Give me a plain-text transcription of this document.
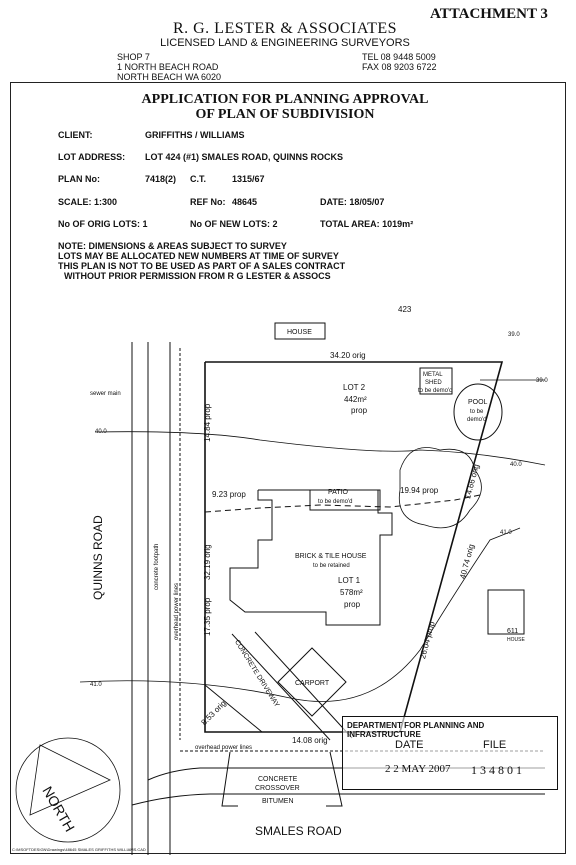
ATTACHMENT 3
R. G. LESTER & ASSOCIATES
LICENSED LAND & ENGINEERING SURVEYORS
SHOP 7
1 NORTH BEACH ROAD
NORTH BEACH WA 6020
TEL 08 9448 5009
FAX 08 9203 6722
APPLICATION FOR PLANNING APPROVAL
OF PLAN OF SUBDIVISION
CLIENT:	GRIFFITHS / WILLIAMS
LOT ADDRESS: LOT 424 (#1) SMALES ROAD, QUINNS ROCKS
PLAN No:	7418(2) C.T.	1315/67
SCALE: 1:300	REF No: 48645	DATE: 18/05/07
No OF ORIG LOTS: 1	No OF NEW LOTS: 2	TOTAL AREA: 1019m²
NOTE: DIMENSIONS & AREAS SUBJECT TO SURVEY
LOTS MAY BE ALLOCATED NEW NUMBERS AT TIME OF SURVEY
THIS PLAN IS NOT TO BE USED AS PART OF A SALES CONTRACT
WITHOUT PRIOR PERMISSION FROM R G LESTER & ASSOCS
423
HOUSE
34.20 orig
39.0
39.0
sewer main
40.0
40.0
41.0
41.0
METAL
SHED
to be demo'd
POOL
to be
demo'd
LOT 2
442m²
prop
14.84 prop
14.66 orig
9.23 prop	19.94 prop
PATIO
to be demo'd
32.19 orig	40.74 orig
BRICK & TILE HOUSE
to be retained
LOT 1
578m²
prop
17.35 prop
26.04 prop	611
HOUSE
CONCRETE DRIVEWAY CARPORT
8.53 orig
14.08 orig
concrete footpath
overhead power lines
overhead power lines
CONCRETE
CROSSOVER
BITUMEN
QUINNS ROAD
SMALES ROAD
NORTH
C:\MSOFTDESIGN\Drawings\48645 SMALES GRIFFITHS WILLIAMS.CAD
DEPARTMENT FOR PLANNING AND INFRASTRUCTURE
DATE	FILE
2 2 MAY 2007 1 3 4 8 0 1
